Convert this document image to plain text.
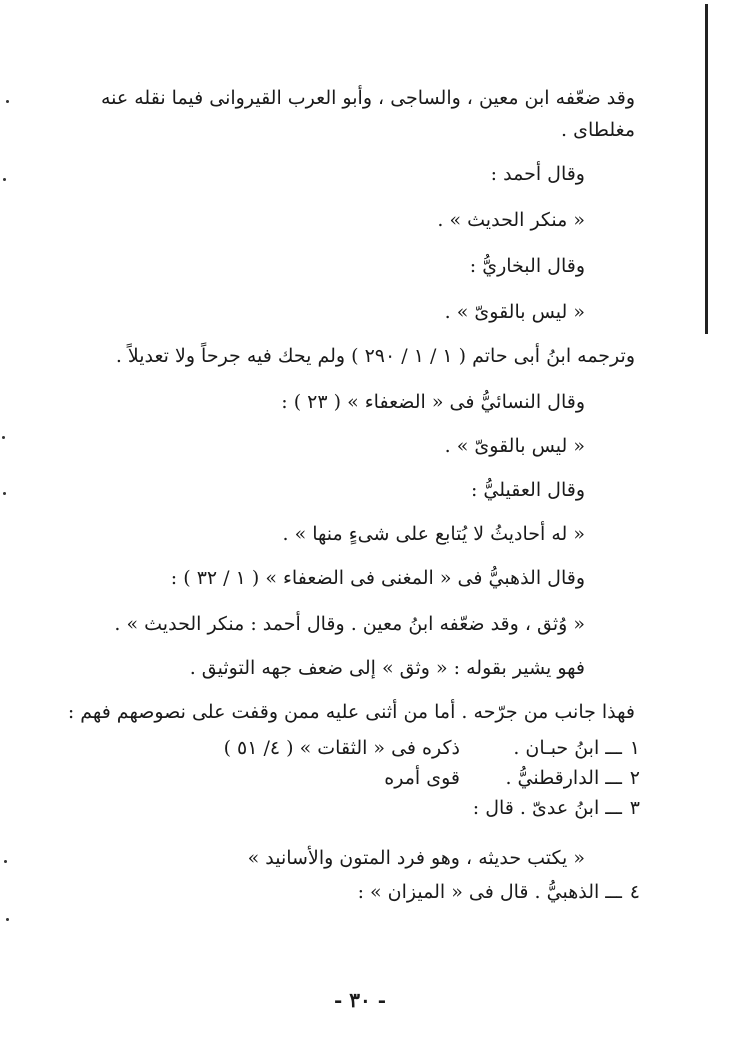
وقد ضعّفه ابن معين ، والساجى ، وأبو العرب القيروانى فيما نقله عنه
مغلطاى .
وقال أحمد :
« منكر الحديث » .
وقال البخاريُّ :
« ليس بالقوىّ » .
وترجمه ابنُ أبى حاتم ( ١ / ١ / ٢٩٠ ) ولم يحك فيه جرحاً ولا تعديلاً .
وقال النسائيُّ فى « الضعفاء » ( ٢٣ ) :
« ليس بالقوىّ » .
وقال العقيليُّ :
« له أحاديثُ لا يُتابع على شىءٍ منها » .
وقال الذهبيُّ فى « المغنى فى الضعفاء » ( ١ / ٣٢ ) :
« وُثق ، وقد ضعّفه ابنُ معين . وقال أحمد : منكر الحديث » .
فهو يشير بقوله : « وثق » إلى ضعف جهه التوثيق .
فهذا جانب من جرّحه . أما من أثنى عليه ممن وقفت على نصوصهم فهم :
١
ـــ ابنُ حبـان .
ذكره فى « الثقات » ( ٤/ ٥١ )
٢
ـــ الدارقطنيُّ .
قوى أمره
٣
ـــ ابنُ عدىّ . قال :
« يكتب حديثه ، وهو فرد المتون والأسانيد »
٤
ـــ الذهبيُّ . قال فى « الميزان » :
- ٣٠ -
